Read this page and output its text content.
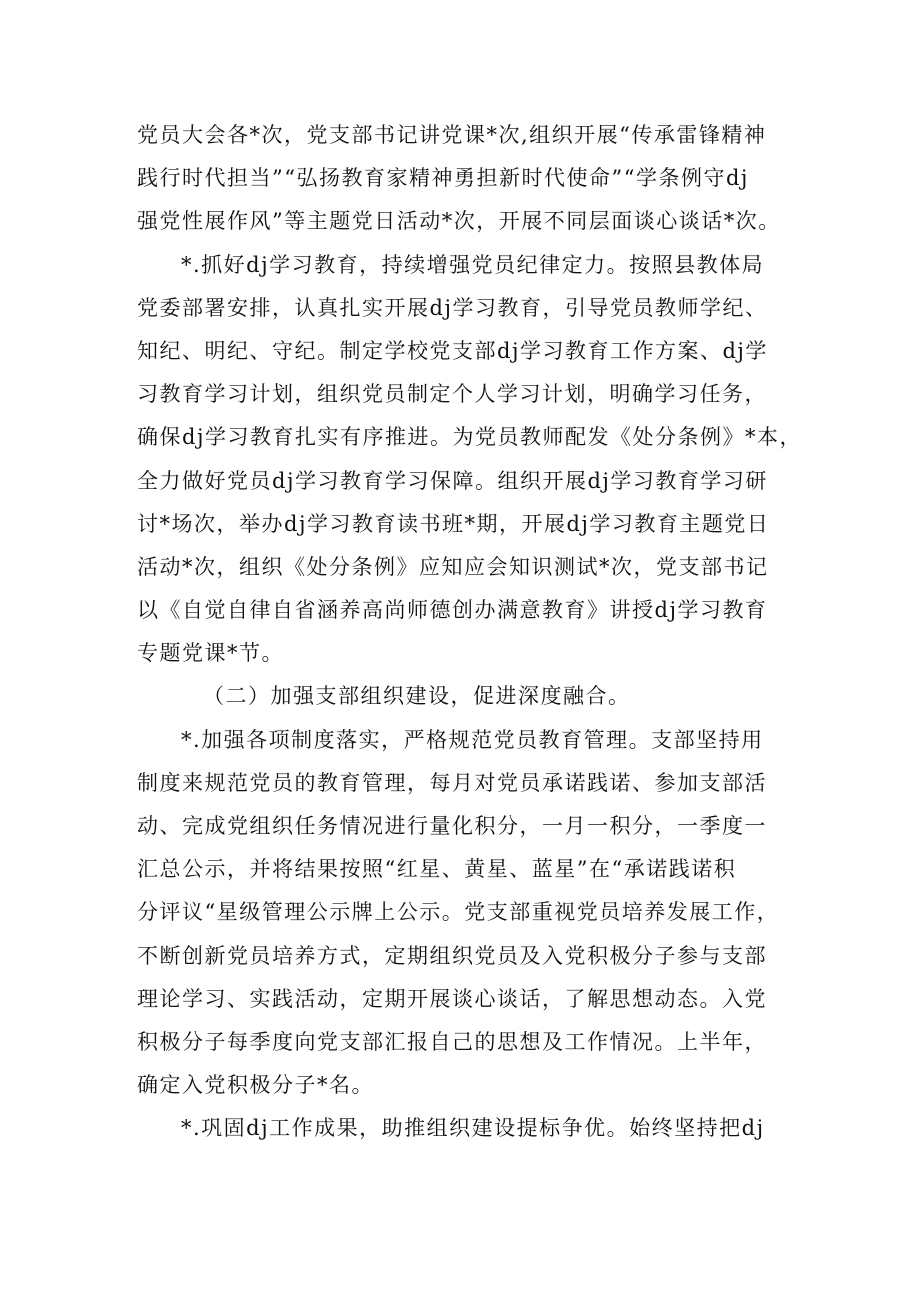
党员大会各*次，党支部书记讲党课*次,组织开展“传承雷锋精神
践行时代担当”“弘扬教育家精神勇担新时代使命”“学条例守dj
强党性展作风”等主题党日活动*次，开展不同层面谈心谈话*次。
*.抓好dj学习教育，持续增强党员纪律定力。按照县教体局
党委部署安排，认真扎实开展dj学习教育，引导党员教师学纪、
知纪、明纪、守纪。制定学校党支部dj学习教育工作方案、dj学
习教育学习计划，组织党员制定个人学习计划，明确学习任务，
确保dj学习教育扎实有序推进。为党员教师配发《处分条例》*本，
全力做好党员dj学习教育学习保障。组织开展dj学习教育学习研
讨*场次，举办dj学习教育读书班*期，开展dj学习教育主题党日
活动*次，组织《处分条例》应知应会知识测试*次，党支部书记
以《自觉自律自省涵养高尚师德创办满意教育》讲授dj学习教育
专题党课*节。
（二）加强支部组织建设，促进深度融合。
*.加强各项制度落实，严格规范党员教育管理。支部坚持用
制度来规范党员的教育管理，每月对党员承诺践诺、参加支部活
动、完成党组织任务情况进行量化积分，一月一积分，一季度一
汇总公示，并将结果按照“红星、黄星、蓝星”在“承诺践诺积
分评议“星级管理公示牌上公示。党支部重视党员培养发展工作，
不断创新党员培养方式，定期组织党员及入党积极分子参与支部
理论学习、实践活动，定期开展谈心谈话，了解思想动态。入党
积极分子每季度向党支部汇报自己的思想及工作情况。上半年，
确定入党积极分子*名。
*.巩固dj工作成果，助推组织建设提标争优。始终坚持把dj
